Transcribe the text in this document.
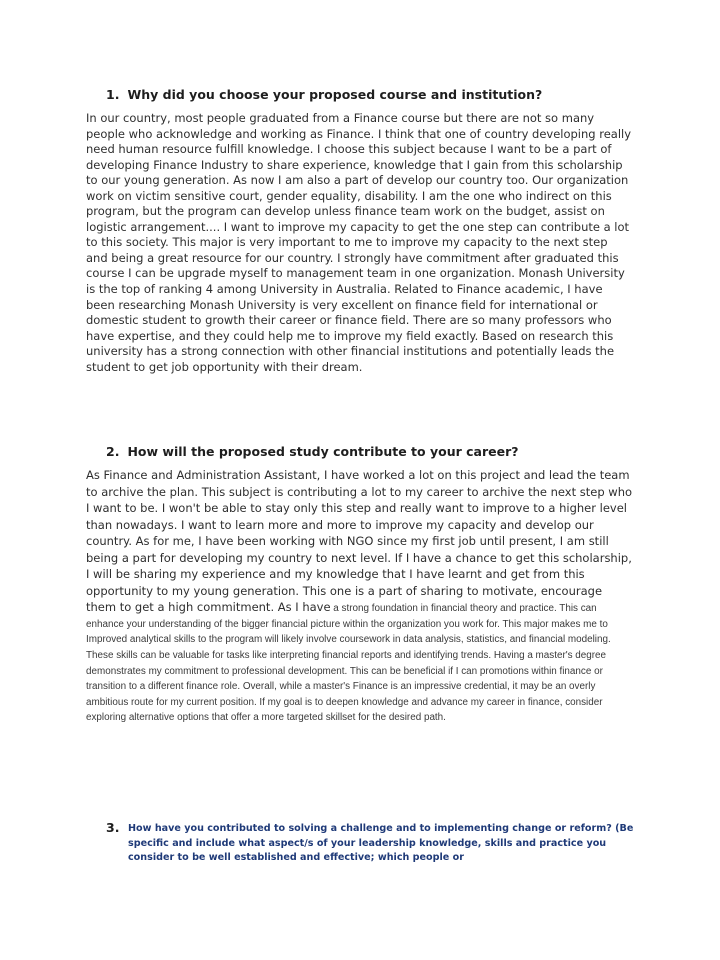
1. Why did you choose your proposed course and institution?

In our country, most people graduated from a Finance course but there are not so many people who acknowledge and working as Finance. I think that one of country developing really need human resource fulfill knowledge. I choose this subject because I want to be a part of developing Finance Industry to share experience, knowledge that I gain from this scholarship to our young generation. As now I am also a part of develop our country too. Our organization work on victim sensitive court, gender equality, disability. I am the one who indirect on this program, but the program can develop unless finance team work on the budget, assist on logistic arrangement.... I want to improve my capacity to get the one step can contribute a lot to this society. This major is very important to me to improve my capacity to the next step and being a great resource for our country. I strongly have commitment after graduated this course I can be upgrade myself to management team in one organization. Monash University is the top of ranking 4 among University in Australia. Related to Finance academic, I have been researching Monash University is very excellent on finance field for international or domestic student to growth their career or finance field. There are so many professors who have expertise, and they could help me to improve my field exactly. Based on research this university has a strong connection with other financial institutions and potentially leads the student to get job opportunity with their dream.

2. How will the proposed study contribute to your career?

As Finance and Administration Assistant, I have worked a lot on this project and lead the team to archive the plan. This subject is contributing a lot to my career to archive the next step who I want to be. I won't be able to stay only this step and really want to improve to a higher level than nowadays. I want to learn more and more to improve my capacity and develop our country. As for me, I have been working with NGO since my first job until present, I am still being a part for developing my country to next level. If I have a chance to get this scholarship, I will be sharing my experience and my knowledge that I have learnt and get from this opportunity to my young generation. This one is a part of sharing to motivate, encourage them to get a high commitment. As I have a strong foundation in financial theory and practice. This can enhance your understanding of the bigger financial picture within the organization you work for. This major makes me to Improved analytical skills to the program will likely involve coursework in data analysis, statistics, and financial modeling. These skills can be valuable for tasks like interpreting financial reports and identifying trends. Having a master's degree demonstrates my commitment to professional development. This can be beneficial if I can promotions within finance or transition to a different finance role. Overall, while a master's Finance is an impressive credential, it may be an overly ambitious route for my current position. If my goal is to deepen knowledge and advance my career in finance, consider exploring alternative options that offer a more targeted skillset for the desired path.

3. How have you contributed to solving a challenge and to implementing change or reform? (Be specific and include what aspect/s of your leadership knowledge, skills and practice you consider to be well established and effective; which people or
